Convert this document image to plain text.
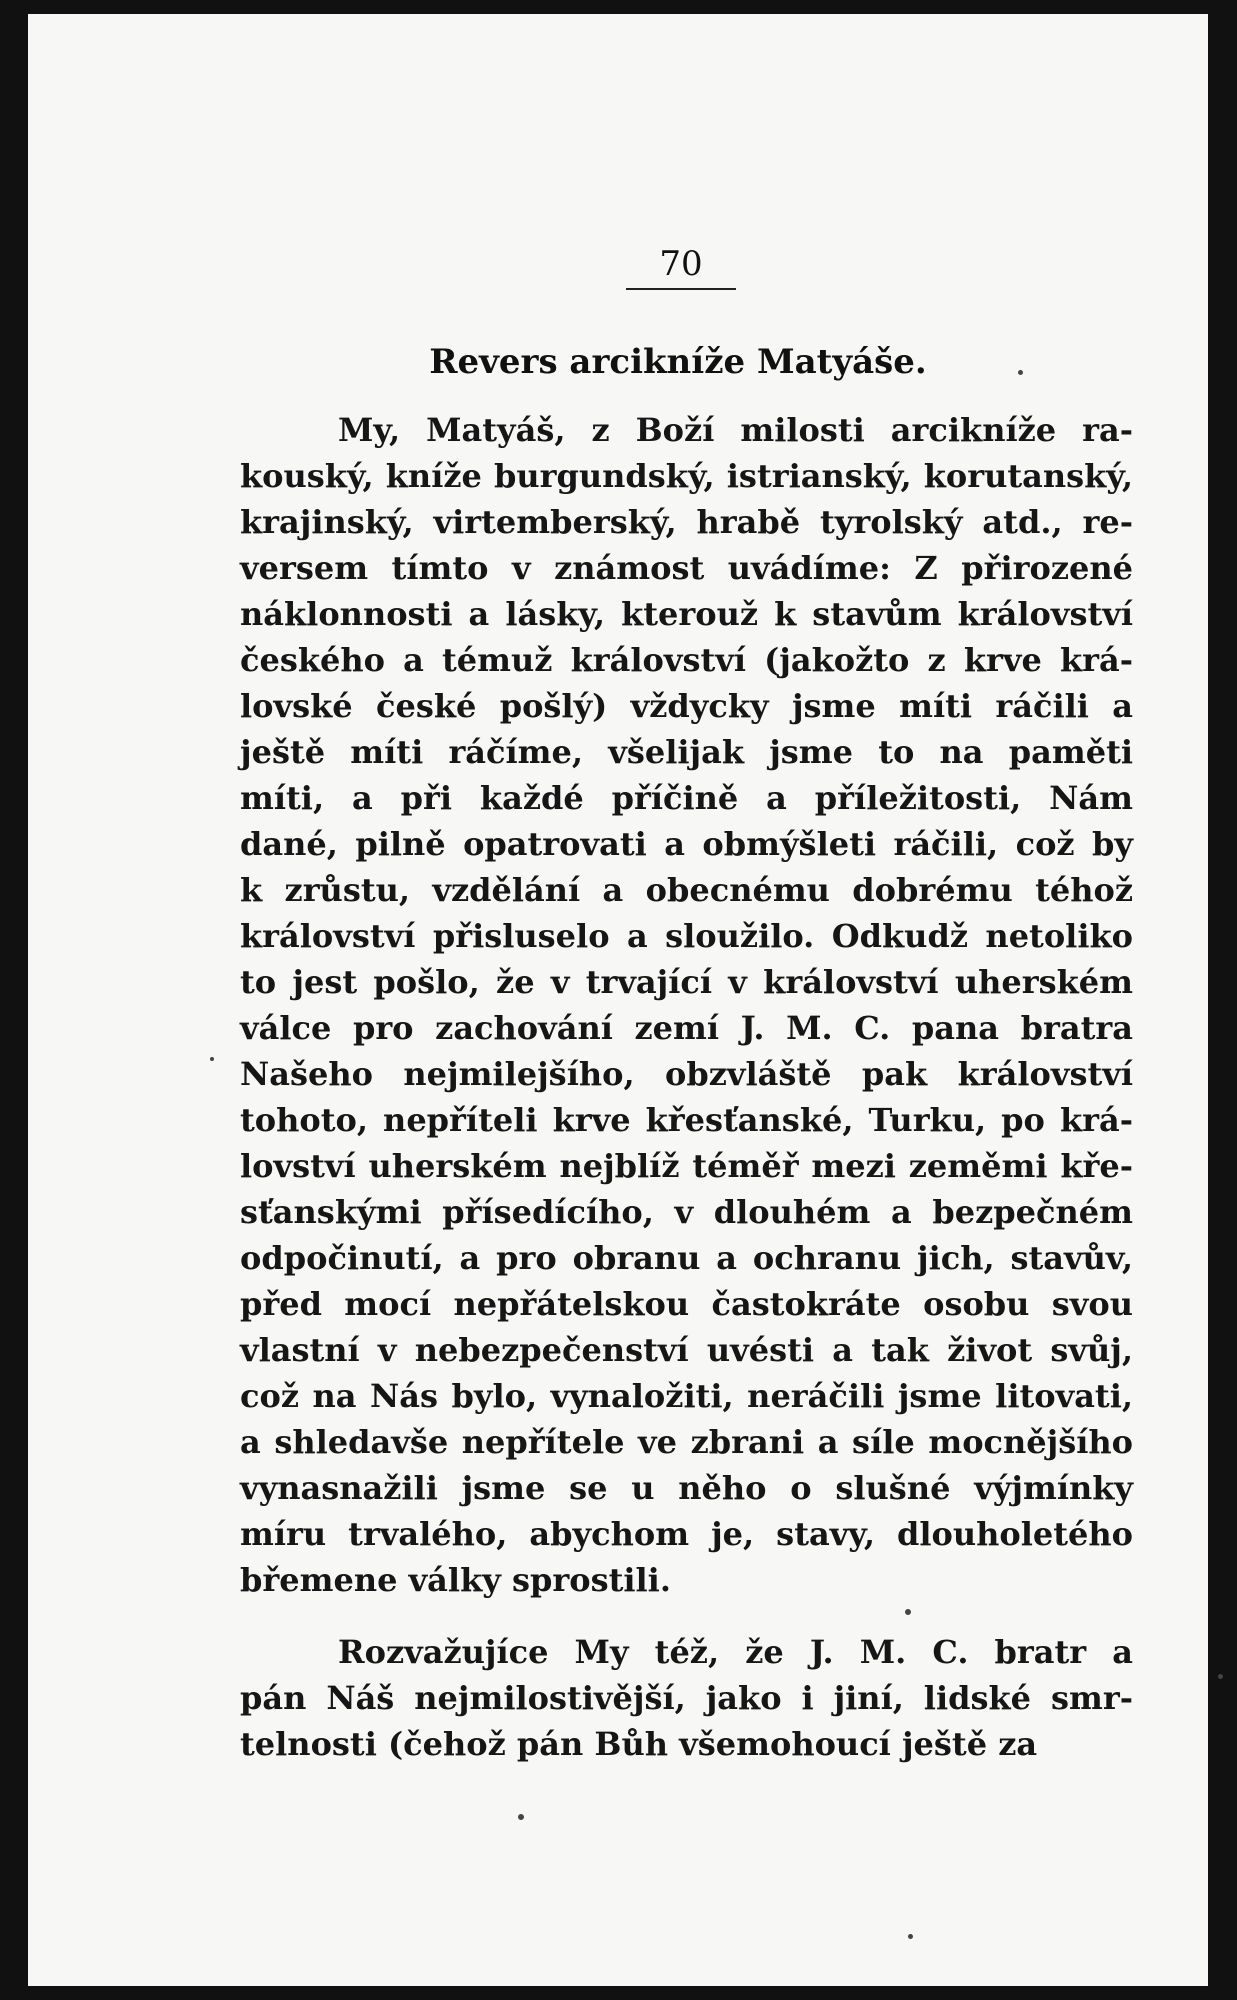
70
Revers arcikníže Matyáše.
My, Matyáš, z Boží milosti arcikníže ra-
kouský, kníže burgundský, istrianský, korutanský,
krajinský, virtemberský, hrabě tyrolský atd., re-
versem tímto v známost uvádíme: Z přirozené
náklonnosti a lásky, kterouž k stavům království
českého a témuž království (jakožto z krve krá-
lovské české pošlý) vždycky jsme míti ráčili a
ještě míti ráčíme, všelijak jsme to na paměti
míti, a při každé příčině a příležitosti, Nám
dané, pilně opatrovati a obmýšleti ráčili, což by
k zrůstu, vzdělání a obecnému dobrému téhož
království přisluselo a sloužilo. Odkudž netoliko
to jest pošlo, že v trvající v království uherském
válce pro zachování zemí J. M. C. pana bratra
Našeho nejmilejšího, obzvláště pak království
tohoto, nepříteli krve křesťanské, Turku, po krá-
lovství uherském nejblíž téměř mezi zeměmi kře-
sťanskými přísedícího, v dlouhém a bezpečném
odpočinutí, a pro obranu a ochranu jich, stavův,
před mocí nepřátelskou častokráte osobu svou
vlastní v nebezpečenství uvésti a tak život svůj,
což na Nás bylo, vynaložiti, neráčili jsme litovati,
a shledavše nepřítele ve zbrani a síle mocnějšího
vynasnažili jsme se u něho o slušné výjmínky
míru trvalého, abychom je, stavy, dlouholetého
břemene války sprostili.
Rozvažujíce My též, že J. M. C. bratr a
pán Náš nejmilostivější, jako i jiní, lidské smr-
telnosti (čehož pán Bůh všemohoucí ještě za
